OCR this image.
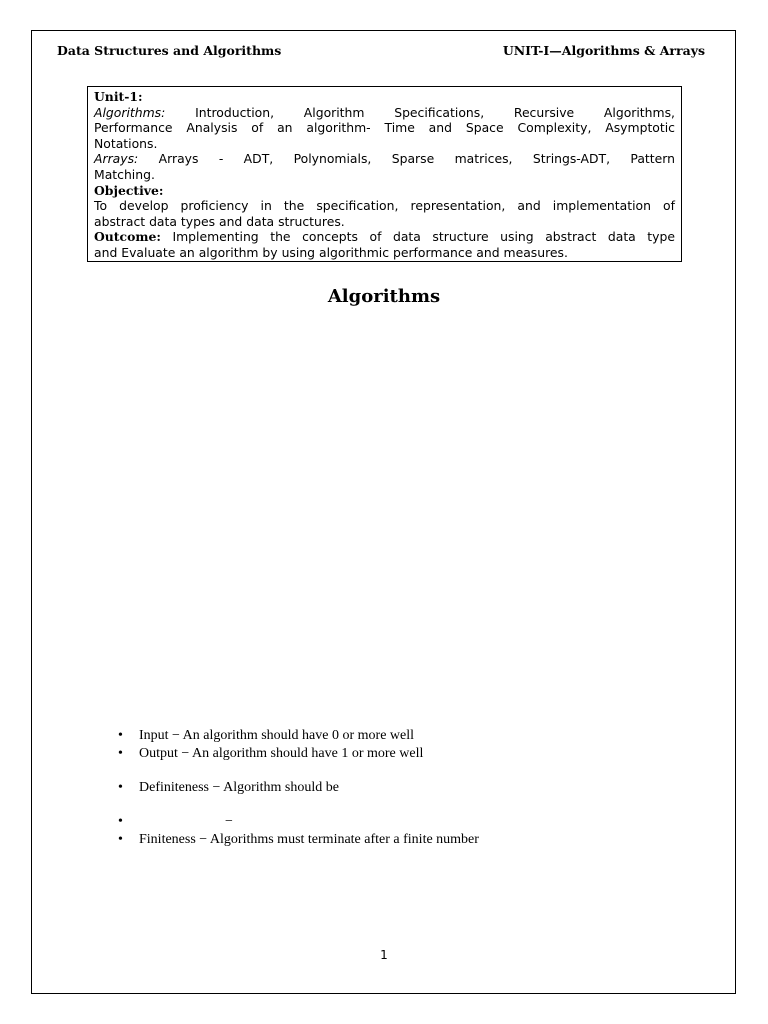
Data Structures and Algorithms	UNIT-I—Algorithms & Arrays

Unit-1:

Algorithms: Introduction, Algorithm Specifications, Recursive Algorithms,

Performance Analysis of an algorithm- Time and Space Complexity, Asymptotic

Notations.

Arrays: Arrays - ADT, Polynomials, Sparse matrices, Strings-ADT, Pattern

Matching.

Objective:

To develop proficiency in the specification, representation, and implementation of

abstract data types and data structures.

Outcome: Implementing the concepts of data structure using abstract data type

and Evaluate an algorithm by using algorithmic performance and measures.

Algorithms
• Input − An algorithm should have 0 or more well
• Output − An algorithm should have 1 or more well
• Definiteness − Algorithm should be
• −
• Finiteness − Algorithms must terminate after a finite number
1
